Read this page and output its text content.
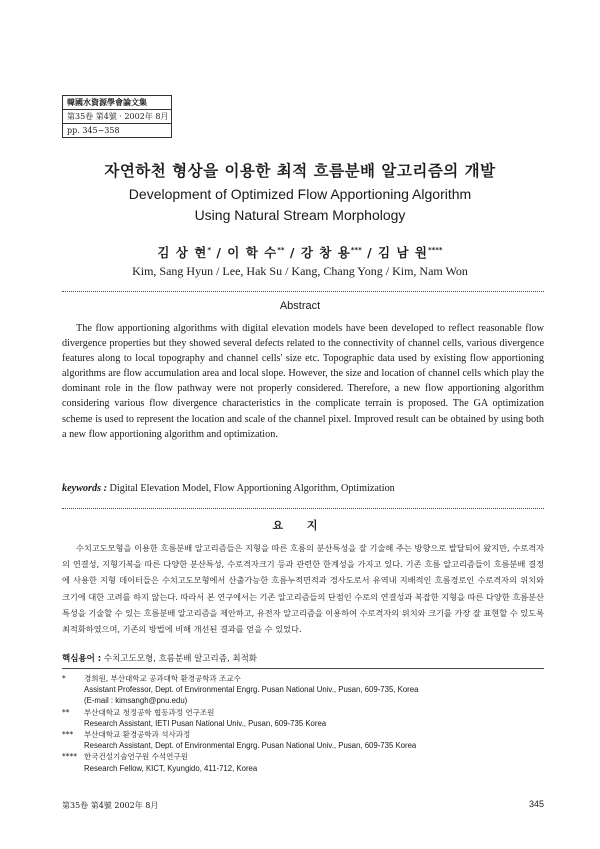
韓國水資源學會論文集
第35卷 第4號 · 2002年 8月
pp. 345~358
자연하천 형상을 이용한 최적 흐름분배 알고리즘의 개발
Development of Optimized Flow Apportioning Algorithm
Using Natural Stream Morphology
김 상 현* / 이 학 수** / 강 창 용*** / 김 남 원****
Kim, Sang Hyun / Lee, Hak Su / Kang, Chang Yong / Kim, Nam Won
Abstract

The flow apportioning algorithms with digital elevation models have been developed to reflect reasonable flow divergence properties but they showed several defects related to the connectivity of channel cells, various divergence features along to local topography and channel cells' size etc. Topographic data used by existing flow apportioning algorithms are flow accumulation area and local slope. However, the size and location of channel cells which play the dominant role in the flow pathway were not properly considered. Therefore, a new flow apportioning algorithm considering various flow divergence characteristics in the complicate terrain is proposed. The GA optimization scheme is used to represent the location and scale of the channel pixel. Improved result can be obtained by using both a new flow apportioning algorithm and optimization.

keywords : Digital Elevation Model, Flow Apportioning Algorithm, Optimization
요 지

수치고도모형을 이용한 흐름분배 알고리즘들은 지형을 따른 흐름의 분산특성을 잘 기술해 주는 방향으로 발달되어 왔지만, 수로격자의 연결성, 지형기복을 따른 다양한 분산특성, 수로격자크기 등과 관련한 한계성을 가지고 있다. 기존 흐름 알고리즘들이 흐름분배 결정에 사용한 지형 데이터들은 수치고도모형에서 산출가능한 흐름누적면적과 경사도로서 유역내 지배적인 흐름경로인 수로격자의 위치와 크기에 대한 고려를 하지 않는다. 따라서 본 연구에서는 기존 알고리즘들의 단점인 수로의 연결성과 복잡한 지형을 따른 다양한 흐름분산 특성을 기술할 수 있는 흐름분배 알고리즘을 제안하고, 유전자 알고리즘을 이용하여 수로격자의 위치와 크기를 가장 잘 표현할 수 있도록 최적화하였으며, 기존의 방법에 비해 개선된 결과를 얻을 수 있었다.

핵심용어 : 수치고도모형, 흐름분배 알고리즘, 최적화
*	경희원, 부산대학교 공과대학 환경공학과 조교수
Assistant Professor, Dept. of Environmental Engrg. Pusan National Univ., Pusan, 609-735, Korea
(E-mail : kimsangh@pnu.edu)
**	부산대학교 청정공학 협동과정 연구조원
Research Assistant, IETI Pusan National Univ., Pusan, 609-735 Korea
***	부산대학교 환경공학과 석사과정
Research Assistant, Dept. of Environmental Engrg. Pusan National Univ., Pusan, 609-735 Korea
**** 한국건설기술연구원 수석연구원
Research Fellow, KICT, Kyungido, 411-712, Korea
第35卷 第4號 2002年 8月	345
